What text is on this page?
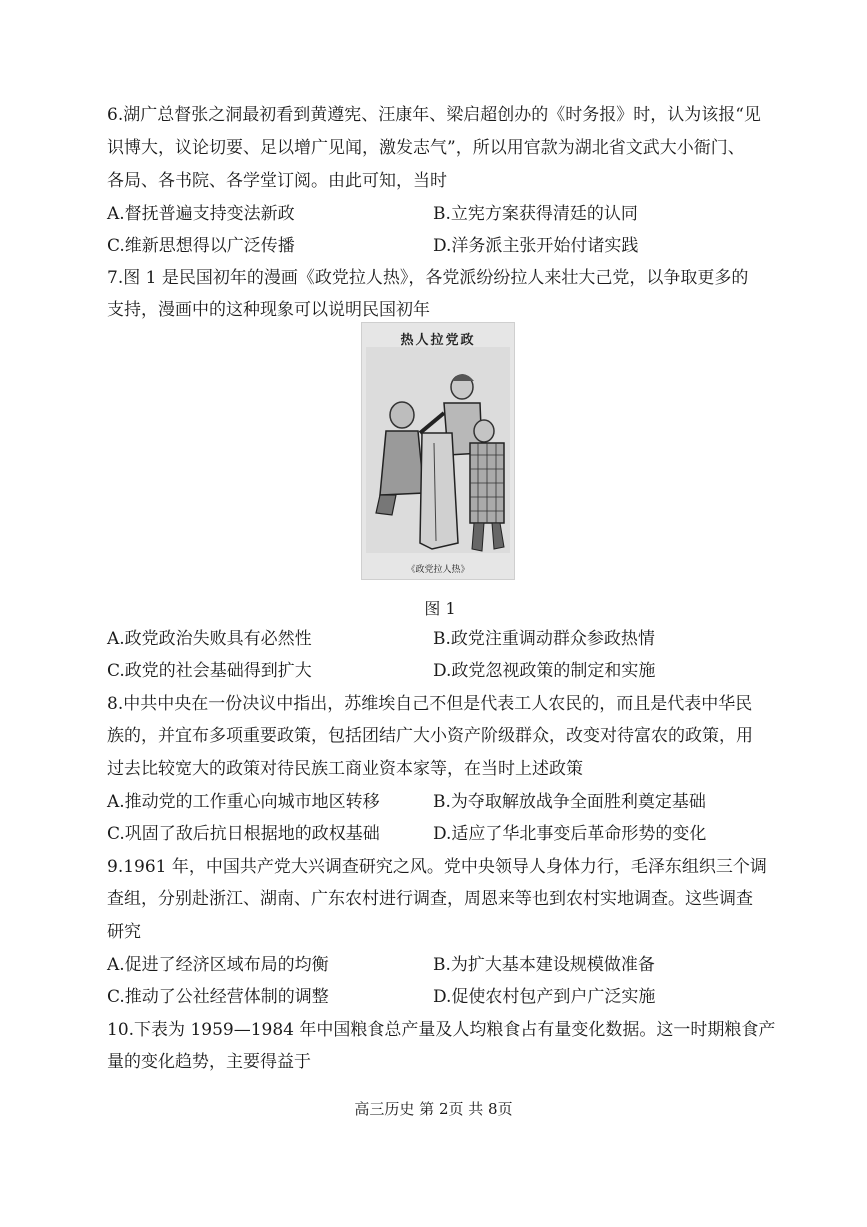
6.湖广总督张之洞最初看到黄遵宪、汪康年、梁启超创办的《时务报》时，认为该报“见
识博大，议论切要、足以增广见闻，激发志气”，所以用官款为湖北省文武大小衙门、
各局、各书院、各学堂订阅。由此可知，当时
A.督抚普遍支持变法新政	B.立宪方案获得清廷的认同
C.维新思想得以广泛传播	D.洋务派主张开始付诸实践
7.图 1 是民国初年的漫画《政党拉人热》，各党派纷纷拉人来壮大己党，以争取更多的
支持，漫画中的这种现象可以说明民国初年
热人拉党政
《政党拉人热》
图 1
A.政党政治失败具有必然性	B.政党注重调动群众参政热情
C.政党的社会基础得到扩大	D.政党忽视政策的制定和实施
8.中共中央在一份决议中指出，苏维埃自己不但是代表工人农民的，而且是代表中华民
族的，并宜布多项重要政策，包括团结广大小资产阶级群众，改变对待富农的政策，用
过去比较宽大的政策对待民族工商业资本家等，在当时上述政策
A.推动党的工作重心向城市地区转移	B.为夺取解放战争全面胜利奠定基础
C.巩固了敌后抗日根据地的政权基础	D.适应了华北事变后革命形势的变化
9.1961 年，中国共产党大兴调查研究之风。党中央领导人身体力行，毛泽东组织三个调
查组，分别赴浙江、湖南、广东农村进行调查，周恩来等也到农村实地调查。这些调查
研究
A.促进了经济区域布局的均衡	B.为扩大基本建设规模做准备
C.推动了公社经营体制的调整	D.促使农村包产到户广泛实施
10.下表为 1959—1984 年中国粮食总产量及人均粮食占有量变化数据。这一时期粮食产
量的变化趋势，主要得益于
高三历史 第 2页 共 8页
